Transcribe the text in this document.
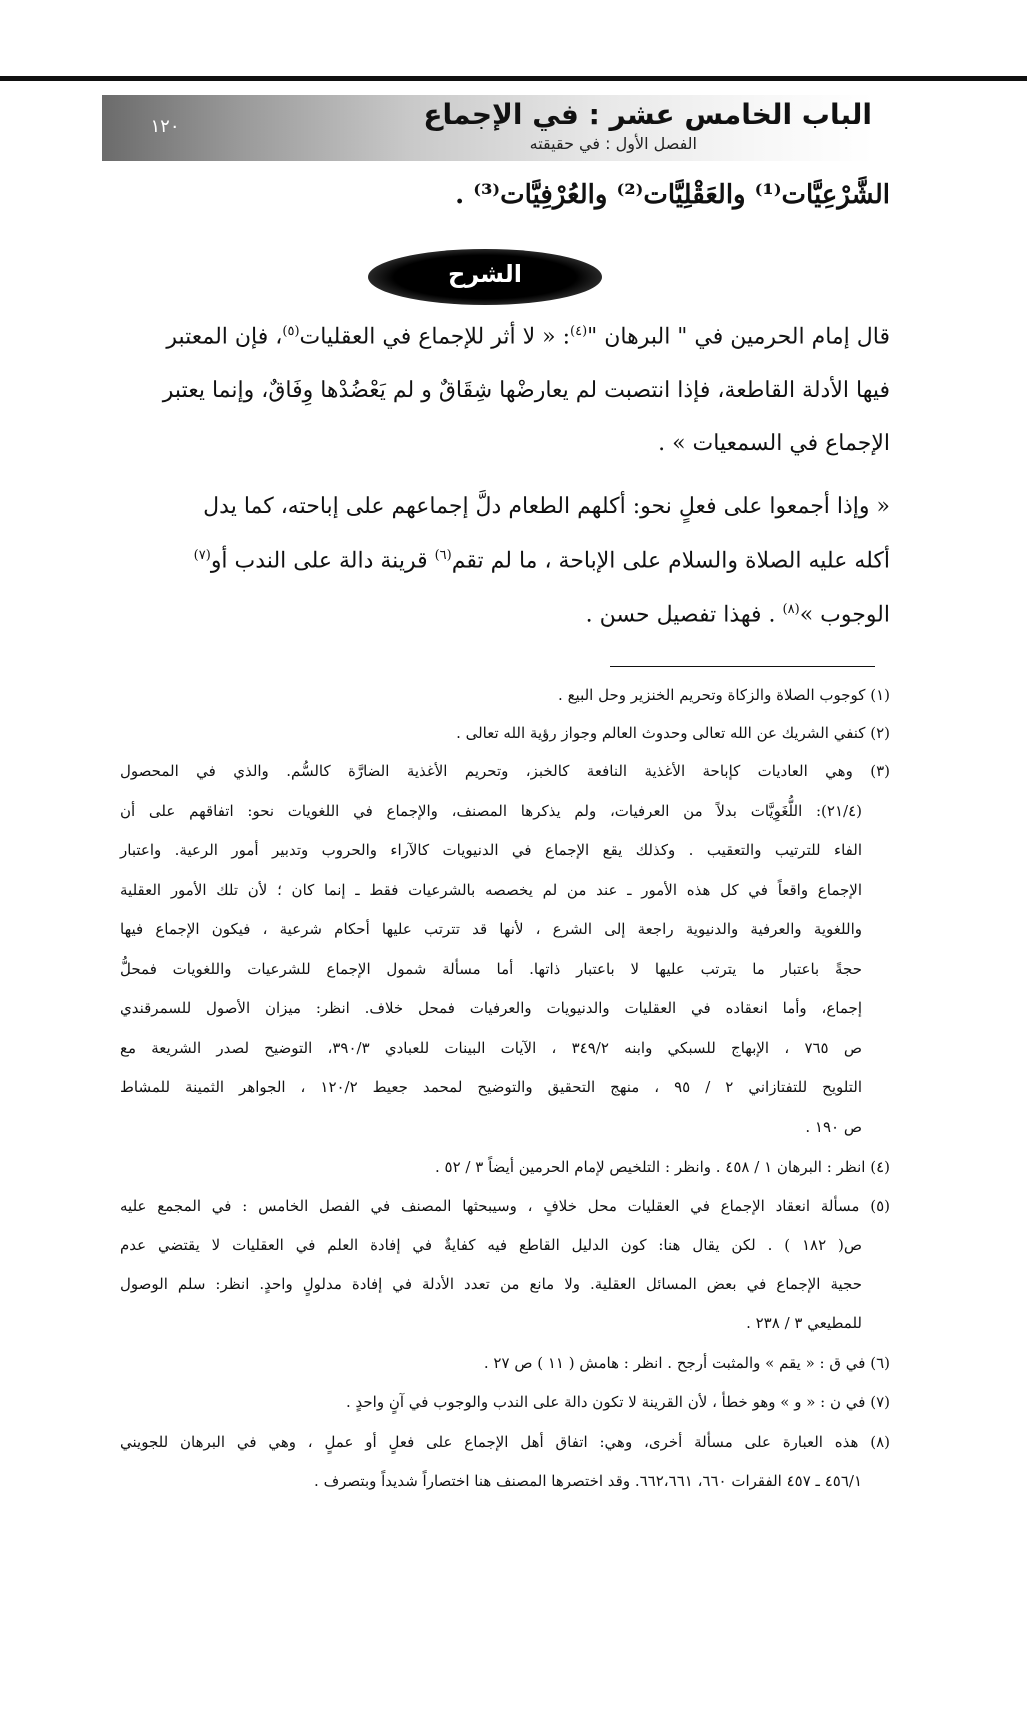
١٢٠	الباب الخامس عشر : في الإجماع
الفصل الأول : في حقيقته
الشَّرْعِيَّات⁽¹⁾ والعَقْلِيَّات⁽²⁾ والعُرْفِيَّات⁽³⁾ .
الشرح
قال إمام الحرمين في " البرهان "$^{(٤)}$: « لا أثر للإجماع في العقليات$^{(٥)}$، فإن المعتبر
فيها الأدلة القاطعة، فإذا انتصبت لم يعارضْها شِقَاقٌ و لم يَعْضُدْها وِفَاقٌ، وإنما يعتبر
الإجماع في السمعيات » .
« وإذا أجمعوا على فعلٍ نحو: أكلهم الطعام دلَّ إجماعهم على إباحته، كما يدل
أكله عليه الصلاة والسلام على الإباحة ، ما لم تقم$^{(٦)}$ قرينة دالة على الندب أو$^{(٧)}$
الوجوب »$^{(٨)}$ . فهذا تفصيل حسن .
(١) كوجوب الصلاة والزكاة وتحريم الخنزير وحل البيع .
(٢) كنفي الشريك عن الله تعالى وحدوث العالم وجواز رؤية الله تعالى .
(٣) وهي العاديات كإباحة الأغذية النافعة كالخبز، وتحريم الأغذية الضارَّة كالسُّم. والذي في المحصول
(٢١/٤): اللُّغَوِيَّات بدلاً من العرفيات، ولم يذكرها المصنف، والإجماع في اللغويات نحو: اتفاقهم على أن
الفاء للترتيب والتعقيب . وكذلك يقع الإجماع في الدنيويات كالآراء والحروب وتدبير أمور الرعية. واعتبار
الإجماع واقعاً في كل هذه الأمور ـ عند من لم يخصصه بالشرعيات فقط ـ إنما كان ؛ لأن تلك الأمور العقلية
واللغوية والعرفية والدنيوية راجعة إلى الشرع ، لأنها قد تترتب عليها أحكام شرعية ، فيكون الإجماع فيها
حجةً باعتبار ما يترتب عليها لا باعتبار ذاتها. أما مسألة شمول الإجماع للشرعيات واللغويات فمحلُّ
إجماع، وأما انعقاده في العقليات والدنيويات والعرفيات فمحل خلاف. انظر: ميزان الأصول للسمرقندي
ص ٧٦٥ ، الإبهاج للسبكي وابنه ٣٤٩/٢ ، الآيات البينات للعبادي ٣٩٠/٣، التوضيح لصدر الشريعة مع
التلويح للتفتازاني ٢ / ٩٥ ، منهج التحقيق والتوضيح لمحمد جعيط ١٢٠/٢ ، الجواهر الثمينة للمشاط
ص ١٩٠ .
(٤) انظر : البرهان ١ / ٤٥٨ . وانظر : التلخيص لإمام الحرمين أيضاً ٣ / ٥٢ .
(٥) مسألة انعقاد الإجماع في العقليات محل خلافٍ ، وسيبحثها المصنف في الفصل الخامس : في المجمع عليه
ص( ١٨٢ ) . لكن يقال هنا: كون الدليل القاطع فيه كفايةٌ في إفادة العلم في العقليات لا يقتضي عدم
حجية الإجماع في بعض المسائل العقلية. ولا مانع من تعدد الأدلة في إفادة مدلولٍ واحدٍ. انظر: سلم الوصول
للمطيعي ٣ / ٢٣٨ .
(٦) في ق : « يقم » والمثبت أرجح . انظر : هامش ( ١١ ) ص ٢٧ .
(٧) في ن : « و » وهو خطأ ، لأن القرينة لا تكون دالة على الندب والوجوب في آنٍ واحدٍ .
(٨) هذه العبارة على مسألة أخرى، وهي: اتفاق أهل الإجماع على فعلٍ أو عملٍ ، وهي في البرهان للجويني
٤٥٦/١ ـ ٤٥٧ الفقرات ٦٦٠، ٦٦٢،٦٦١. وقد اختصرها المصنف هنا اختصاراً شديداً وبتصرف .
